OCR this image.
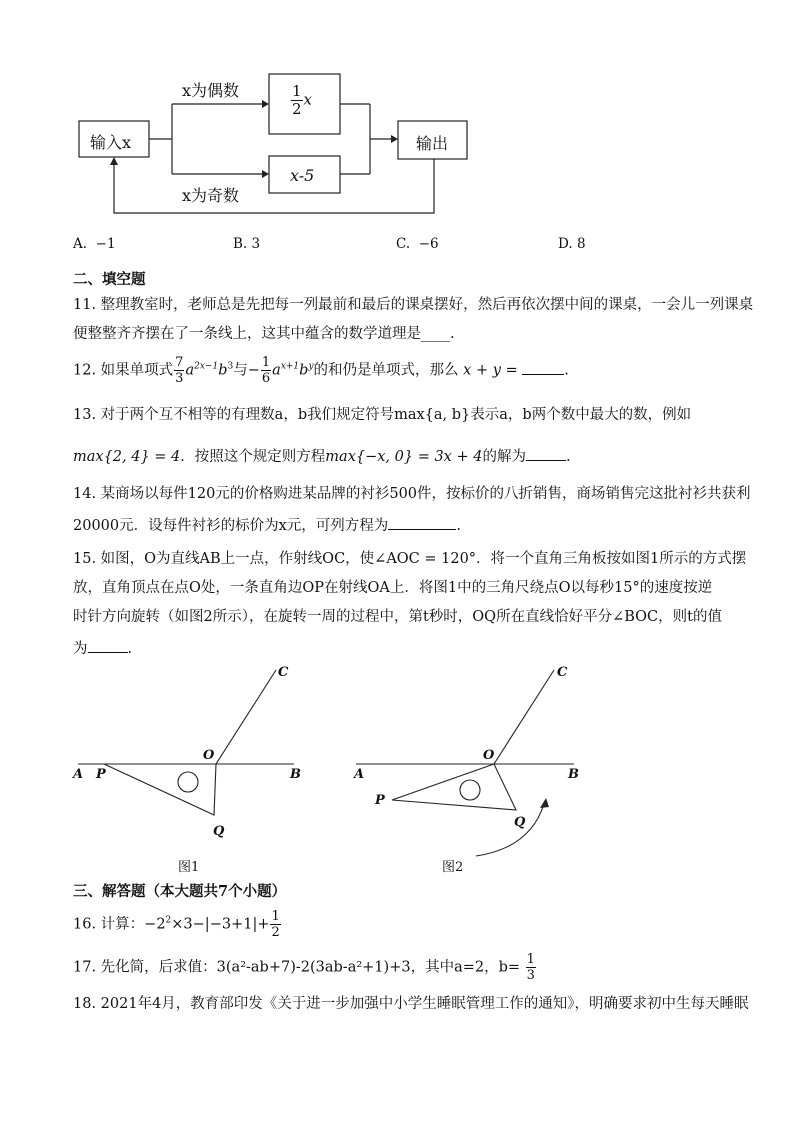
输入x
x为偶数
x为奇数
$\frac{1}{2}$ x
x-5
输出
A. −1	B. 3	C. −6	D. 8
二、填空题
11. 整理教室时，老师总是先把每一列最前和最后的课桌摆好，然后再依次摆中间的课桌，一会儿一列课桌
便整整齐齐摆在了一条线上，这其中蕴含的数学道理是____.
12. 如果单项式 $\frac{7}{3} a^{2x-1}b^3$与− $\frac{1}{6} a^{x+1}b^y$的和仍是单项式，那么 x + y =	.
13. 对于两个互不相等的有理数a，b我们规定符号max{a, b}表示a，b两个数中最大的数，例如
max{2, 4} = 4．按照这个规定则方程max{−x, 0} = 3x + 4的解为	.
14. 某商场以每件120元的价格购进某品牌的衬衫500件，按标价的八折销售，商场销售完这批衬衫共获利
20000元．设每件衬衫的标价为x元，可列方程为	.
15. 如图，O为直线AB上一点，作射线OC，使∠AOC = 120°．将一个直角三角板按如图1所示的方式摆
放，直角顶点在点O处，一条直角边OP在射线OA上．将图1中的三角尺绕点O以每秒15°的速度按逆
时针方向旋转（如图2所示），在旋转一周的过程中，第t秒时，OQ所在直线恰好平分∠BOC，则t的值
为	.
C
O
A P	B
Q
图1
C
O
A	B
P
Q
图2
三、解答题（本大题共7个小题）
16. 计算：$-2^2\times 3-|-3+1|+ \frac{1}{2}$
17. 先化简，后求值：3(a²-ab+7)-2(3ab-a²+1)+3，其中a=2，$b= \frac{1}{3}$
18. 2021年4月，教育部印发《关于进一步加强中小学生睡眠管理工作的通知》，明确要求初中生每天睡眠
